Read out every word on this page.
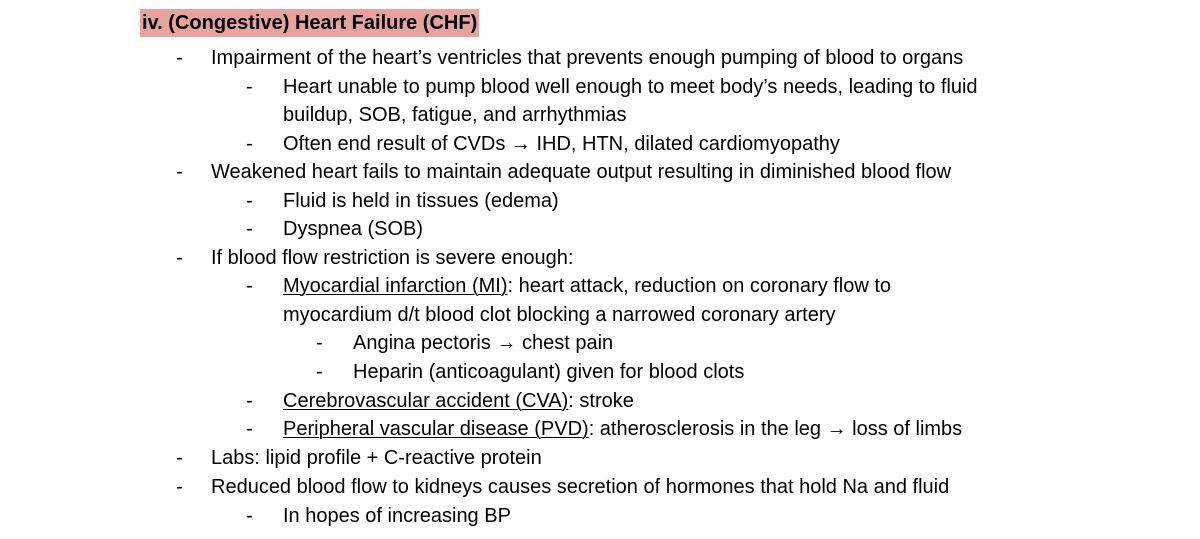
iv. (Congestive) Heart Failure (CHF)
- Impairment of the heart’s ventricles that prevents enough pumping of blood to organs
- Heart unable to pump blood well enough to meet body’s needs, leading to fluid
buildup, SOB, fatigue, and arrhythmias
- Often end result of CVDs → IHD, HTN, dilated cardiomyopathy
- Weakened heart fails to maintain adequate output resulting in diminished blood flow
- Fluid is held in tissues (edema)
- Dyspnea (SOB)
- If blood flow restriction is severe enough:
- Myocardial infarction (MI): heart attack, reduction on coronary flow to
myocardium d/t blood clot blocking a narrowed coronary artery
- Angina pectoris → chest pain
- Heparin (anticoagulant) given for blood clots
- Cerebrovascular accident (CVA): stroke
- Peripheral vascular disease (PVD): atherosclerosis in the leg → loss of limbs
- Labs: lipid profile + C-reactive protein
- Reduced blood flow to kidneys causes secretion of hormones that hold Na and fluid
- In hopes of increasing BP
